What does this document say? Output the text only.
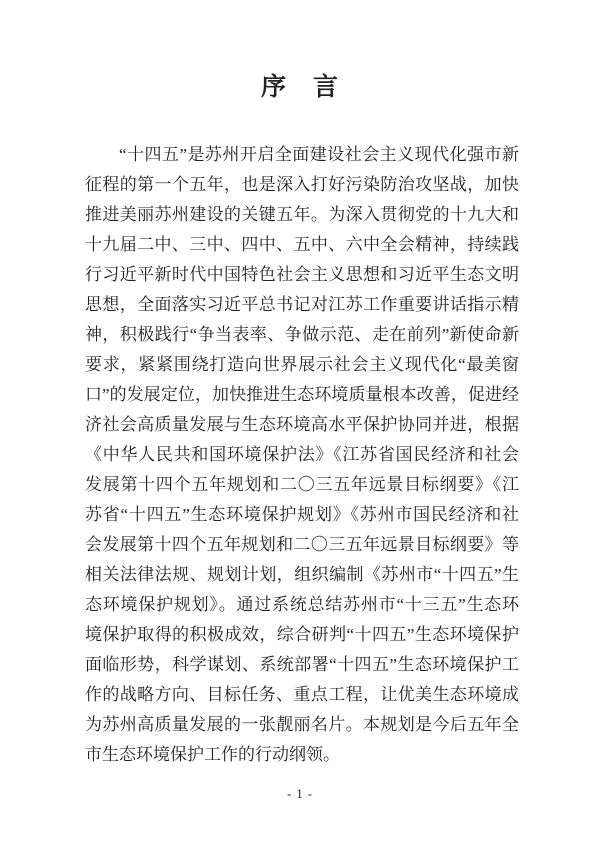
序　言
“十四五”是苏州开启全面建设社会主义现代化强市新
征程的第一个五年，也是深入打好污染防治攻坚战，加快
推进美丽苏州建设的关键五年。为深入贯彻党的十九大和
十九届二中、三中、四中、五中、六中全会精神，持续践
行习近平新时代中国特色社会主义思想和习近平生态文明
思想，全面落实习近平总书记对江苏工作重要讲话指示精
神，积极践行“争当表率、争做示范、走在前列”新使命新
要求，紧紧围绕打造向世界展示社会主义现代化“最美窗
口”的发展定位，加快推进生态环境质量根本改善，促进经
济社会高质量发展与生态环境高水平保护协同并进，根据
《中华人民共和国环境保护法》《江苏省国民经济和社会
发展第十四个五年规划和二〇三五年远景目标纲要》《江
苏省“十四五”生态环境保护规划》《苏州市国民经济和社
会发展第十四个五年规划和二〇三五年远景目标纲要》等
相关法律法规、规划计划，组织编制《苏州市“十四五”生
态环境保护规划》。通过系统总结苏州市“十三五”生态环
境保护取得的积极成效，综合研判“十四五”生态环境保护
面临形势，科学谋划、系统部署“十四五”生态环境保护工
作的战略方向、目标任务、重点工程，让优美生态环境成
为苏州高质量发展的一张靓丽名片。本规划是今后五年全
市生态环境保护工作的行动纲领。
- 1 -
